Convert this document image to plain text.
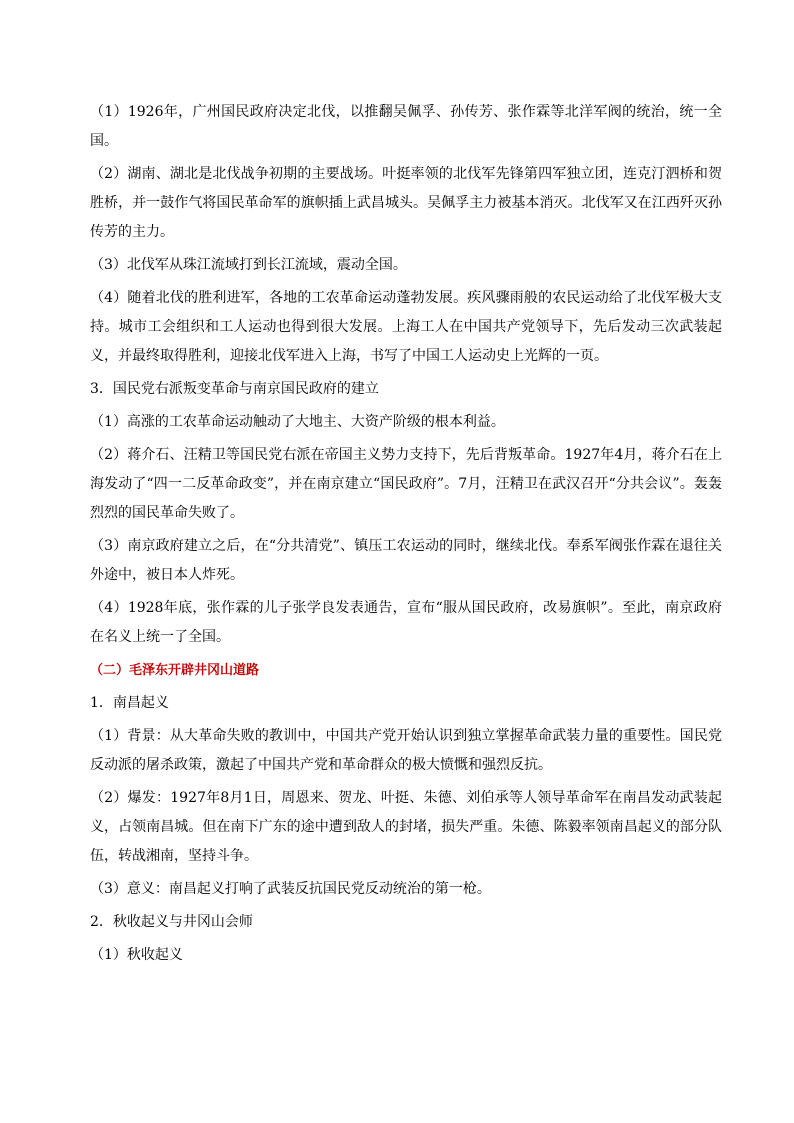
（1）1926年，广州国民政府决定北伐，以推翻吴佩孚、孙传芳、张作霖等北洋军阀的统治，统一全国。

（2）湖南、湖北是北伐战争初期的主要战场。叶挺率领的北伐军先锋第四军独立团，连克汀泗桥和贺胜桥，并一鼓作气将国民革命军的旗帜插上武昌城头。吴佩孚主力被基本消灭。北伐军又在江西歼灭孙传芳的主力。

（3）北伐军从珠江流域打到长江流域，震动全国。

（4）随着北伐的胜利进军，各地的工农革命运动蓬勃发展。疾风骤雨般的农民运动给了北伐军极大支持。城市工会组织和工人运动也得到很大发展。上海工人在中国共产党领导下，先后发动三次武装起义，并最终取得胜利，迎接北伐军进入上海，书写了中国工人运动史上光辉的一页。

3．国民党右派叛变革命与南京国民政府的建立

（1）高涨的工农革命运动触动了大地主、大资产阶级的根本利益。

（2）蒋介石、汪精卫等国民党右派在帝国主义势力支持下，先后背叛革命。1927年4月，蒋介石在上海发动了“四一二反革命政变”，并在南京建立“国民政府”。7月，汪精卫在武汉召开“分共会议”。轰轰烈烈的国民革命失败了。

（3）南京政府建立之后，在“分共清党”、镇压工农运动的同时，继续北伐。奉系军阀张作霖在退往关外途中，被日本人炸死。

（4）1928年底，张作霖的儿子张学良发表通告，宣布“服从国民政府，改易旗帜”。至此，南京政府在名义上统一了全国。

（二）毛泽东开辟井冈山道路

1．南昌起义

（1）背景：从大革命失败的教训中，中国共产党开始认识到独立掌握革命武装力量的重要性。国民党反动派的屠杀政策，激起了中国共产党和革命群众的极大愤慨和强烈反抗。

（2）爆发：1927年8月1日，周恩来、贺龙、叶挺、朱德、刘伯承等人领导革命军在南昌发动武装起义，占领南昌城。但在南下广东的途中遭到敌人的封堵，损失严重。朱德、陈毅率领南昌起义的部分队伍，转战湘南，坚持斗争。

（3）意义：南昌起义打响了武装反抗国民党反动统治的第一枪。

2．秋收起义与井冈山会师

（1）秋收起义
